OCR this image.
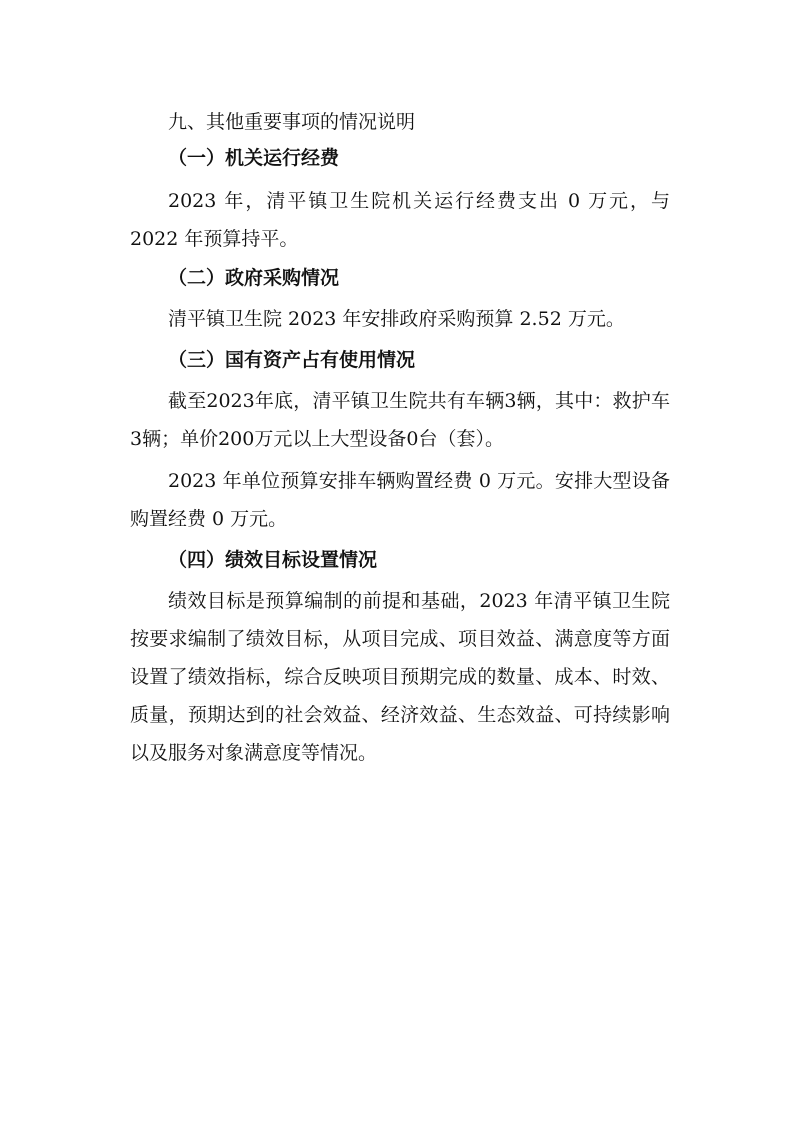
九、其他重要事项的情况说明

（一）机关运行经费

2023 年，清平镇卫生院机关运行经费支出 0 万元，与 2022 年预算持平。

（二）政府采购情况

清平镇卫生院 2023 年安排政府采购预算 2.52 万元。

（三）国有资产占有使用情况

截至2023年底，清平镇卫生院共有车辆3辆，其中：救护车3辆；单价200万元以上大型设备0台（套）。

2023 年单位预算安排车辆购置经费 0 万元。安排大型设备购置经费 0 万元。

（四）绩效目标设置情况

绩效目标是预算编制的前提和基础，2023 年清平镇卫生院按要求编制了绩效目标，从项目完成、项目效益、满意度等方面设置了绩效指标，综合反映项目预期完成的数量、成本、时效、质量，预期达到的社会效益、经济效益、生态效益、可持续影响以及服务对象满意度等情况。
